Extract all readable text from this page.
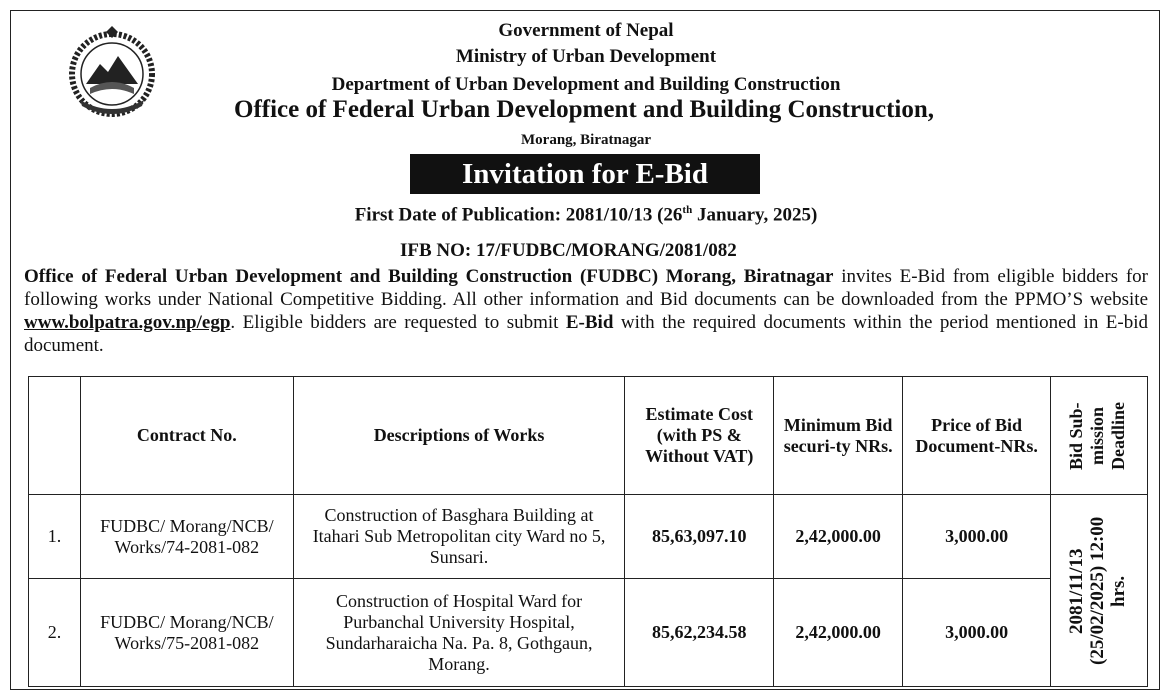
Government of Nepal
Ministry of Urban Development
Department of Urban Development and Building Construction
Office of Federal Urban Development and Building Construction,
Morang, Biratnagar
Invitation for E-Bid
First Date of Publication: 2081/10/13 (26th January, 2025)
IFB NO: 17/FUDBC/MORANG/2081/082
Office of Federal Urban Development and Building Construction (FUDBC) Morang, Biratnagar invites E-Bid from eligible bidders for following works under National Competitive Bidding. All other information and Bid documents can be downloaded from the PPMO’S website www.bolpatra.gov.np/egp. Eligible bidders are requested to submit E-Bid with the required documents within the period mentioned in E-bid document.
	Contract No.	Descriptions of Works	Estimate Cost (with PS & Without VAT)	Minimum Bid securi-ty NRs.	Price of Bid Document-NRs.	Bid Sub-mission Deadline

1.	FUDBC/ Morang/NCB/ Works/74-2081-082	Construction of Basghara Building at Itahari Sub Metropolitan city Ward no 5, Sunsari.	85,63,097.10	2,42,000.00	3,000.00	2081/11/13 (25/02/2025) 12:00 hrs.

2.	FUDBC/ Morang/NCB/ Works/75-2081-082	Construction of Hospital Ward for Purbanchal University Hospital, Sundarharaicha Na. Pa. 8, Gothgaun, Morang.	85,62,234.58	2,42,000.00	3,000.00	
